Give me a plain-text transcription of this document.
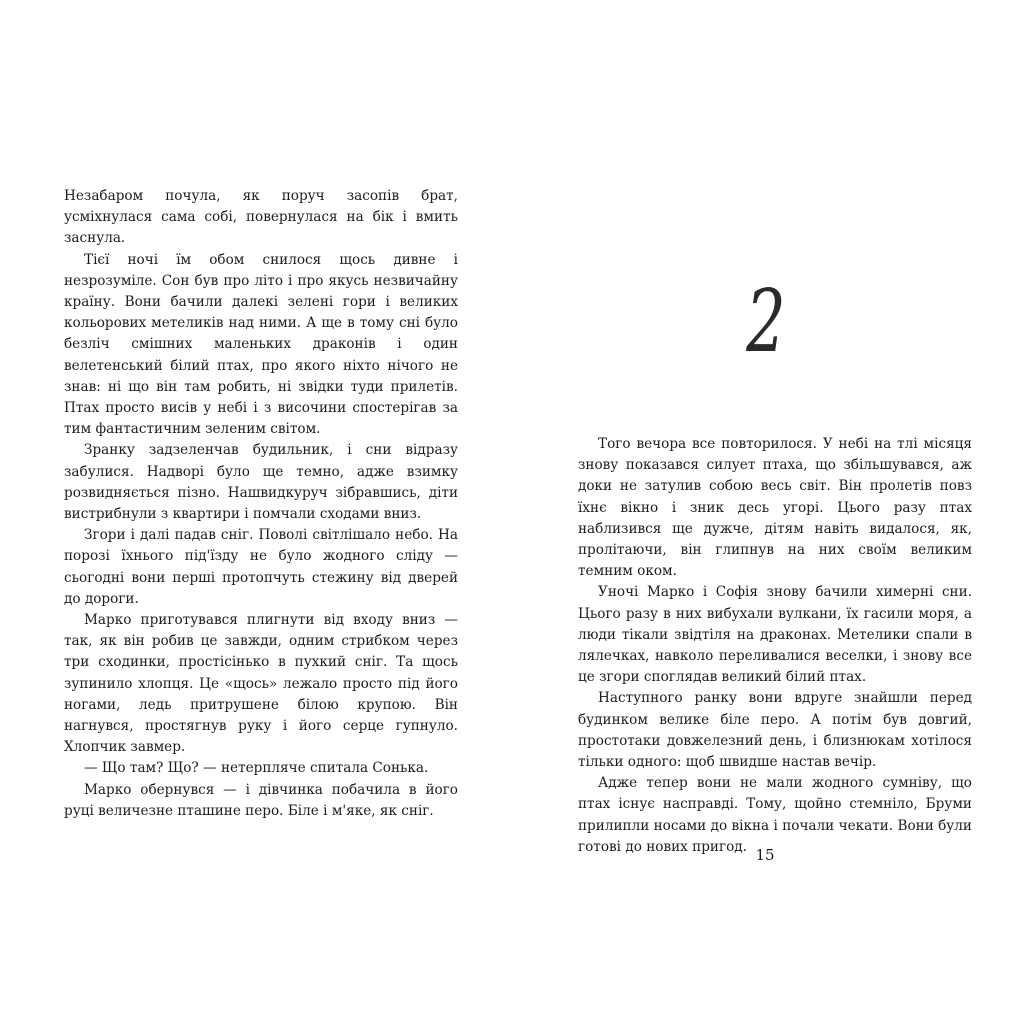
Незабаром почула, як поруч засопів брат, усміхнулася сама собі, повернулася на бік і вмить заснула.

Тієї ночі їм обом снилося щось дивне і незрозуміле. Сон був про літо і про якусь незвичайну країну. Вони бачили далекі зелені гори і великих кольорових метеликів над ними. А ще в тому сні було безліч смішних маленьких драконів і один велетенський білий птах, про якого ніхто нічого не знав: ні що він там робить, ні звідки туди прилетів. Птах просто висів у небі і з височини спостерігав за тим фантастичним зеленим світом.

Зранку задзеленчав будильник, і сни відразу забулися. Надворі було ще темно, адже взимку розвидняється пізно. Нашвидкуруч зібравшись, діти вистрибнули з квартири і помчали сходами вниз.

Згори і далі падав сніг. Поволі світлішало небо. На порозі їхнього під'їзду не було жодного сліду — сьогодні вони перші протопчуть стежину від дверей до дороги.

Марко приготувався плигнути від входу вниз — так, як він робив це завжди, одним стрибком через три сходинки, простісінько в пухкий сніг. Та щось зупинило хлопця. Це «щось» лежало просто під його ногами, ледь притрушене білою крупою. Він нагнувся, простягнув руку і його серце гупнуло. Хлопчик завмер.

— Що там? Що? — нетерпляче спитала Сонька.

Марко обернувся — і дівчинка побачила в його руці величезне пташине перо. Біле і м'яке, як сніг.

2

Того вечора все повторилося. У небі на тлі місяця знову показався силует птаха, що збільшувався, аж доки не затулив собою весь світ. Він пролетів повз їхнє вікно і зник десь угорі. Цього разу птах наблизився ще дужче, дітям навіть видалося, як, пролітаючи, він глипнув на них своїм великим темним оком.

Уночі Марко і Софія знову бачили химерні сни. Цього разу в них вибухали вулкани, їх гасили моря, а люди тікали звідтіля на драконах. Метелики спали в лялечках, навколо переливалися веселки, і знову все це згори споглядав великий білий птах.

Наступного ранку вони вдруге знайшли перед будинком велике біле перо. А потім був довгий, простотаки довжелезний день, і близнюкам хотілося тільки одного: щоб швидше настав вечір.

Адже тепер вони не мали жодного сумніву, що птах існує насправді. Тому, щойно стемніло, Бруми прилипли носами до вікна і почали чекати. Вони були готові до нових пригод. 15
